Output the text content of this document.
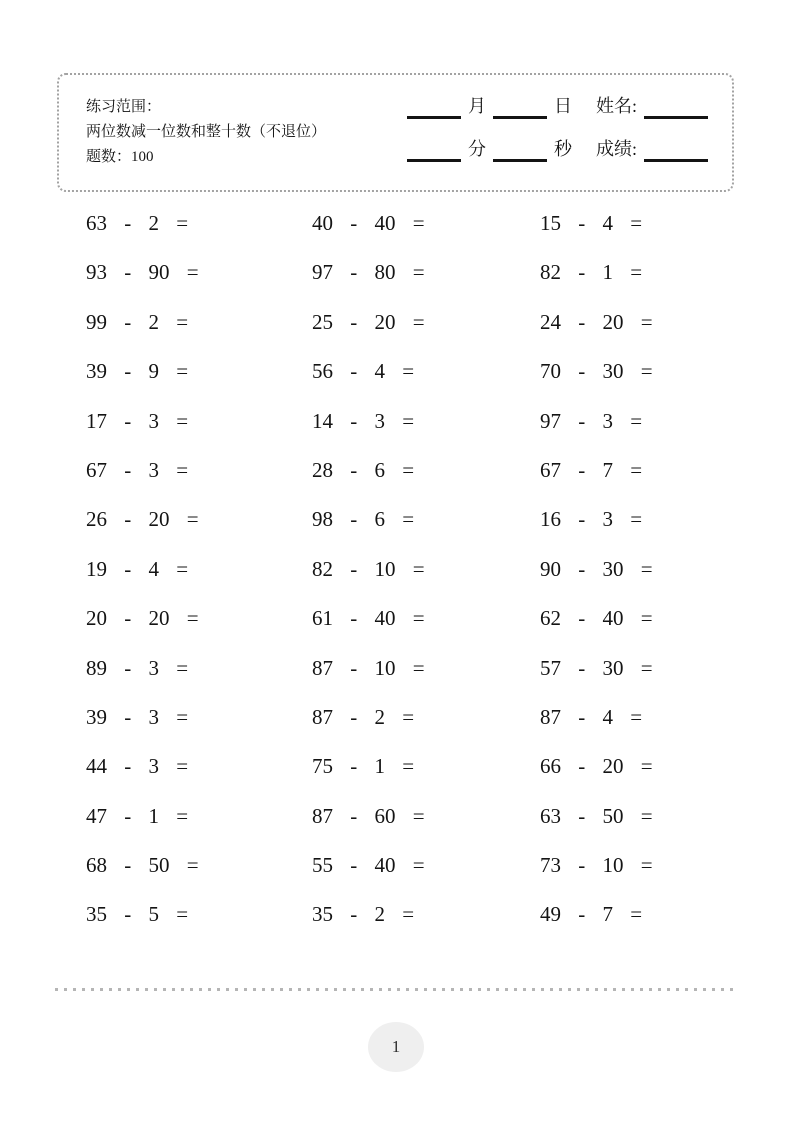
练习范围：
两位数减一位数和整十数（不退位）
题数：100
月	日 姓名:
分	秒 成绩:
63 - 2 =	40 - 40 =	15 - 4 =
93 - 90 =	97 - 80 =	82 - 1 =
99 - 2 =	25 - 20 =	24 - 20 =
39 - 9 =	56 - 4 =	70 - 30 =
17 - 3 =	14 - 3 =	97 - 3 =
67 - 3 =	28 - 6 =	67 - 7 =
26 - 20 =	98 - 6 =	16 - 3 =
19 - 4 =	82 - 10 =	90 - 30 =
20 - 20 =	61 - 40 =	62 - 40 =
89 - 3 =	87 - 10 =	57 - 30 =
39 - 3 =	87 - 2 =	87 - 4 =
44 - 3 =	75 - 1 =	66 - 20 =
47 - 1 =	87 - 60 =	63 - 50 =
68 - 50 =	55 - 40 =	73 - 10 =
35 - 5 =	35 - 2 =	49 - 7 =
1
